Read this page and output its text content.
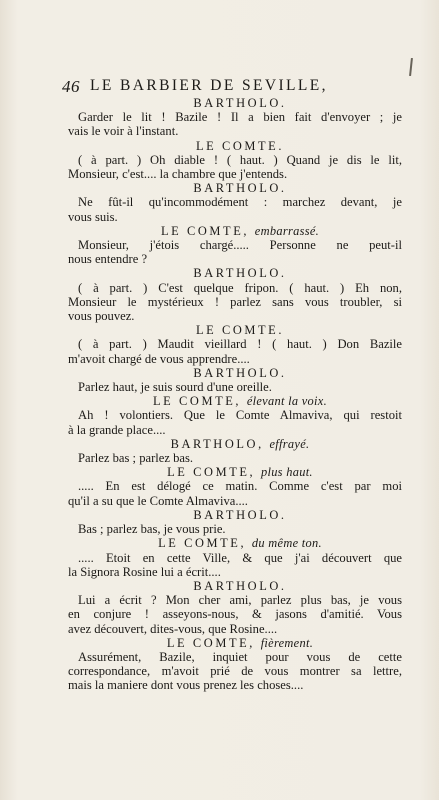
46 LE BARBIER DE SEVILLE,
BARTHOLO.
Garder le lit ! Bazile ! Il a bien fait d'envoyer ; je
vais le voir à l'instant.
LE COMTE.
( à part. ) Oh diable ! ( haut. ) Quand je dis le lit,
Monsieur, c'est.... la chambre que j'entends.
BARTHOLO.
Ne fût-il qu'incommodément : marchez devant, je
vous suis.
LE COMTE, embarrassé.
Monsieur, j'étois chargé..... Personne ne peut-il
nous entendre ?
BARTHOLO.
( à part. ) C'est quelque fripon. ( haut. ) Eh non,
Monsieur le mystérieux ! parlez sans vous troubler, si
vous pouvez.
LE COMTE.
( à part. ) Maudit vieillard ! ( haut. ) Don Bazile
m'avoit chargé de vous apprendre....
BARTHOLO.
Parlez haut, je suis sourd d'une oreille.
LE COMTE, élevant la voix.
Ah ! volontiers. Que le Comte Almaviva, qui restoit
à la grande place....
BARTHOLO, effrayé.
Parlez bas ; parlez bas.
LE COMTE, plus haut.
..... En est délogé ce matin. Comme c'est par moi
qu'il a su que le Comte Almaviva....
BARTHOLO.
Bas ; parlez bas, je vous prie.
LE COMTE, du même ton.
..... Etoit en cette Ville, & que j'ai découvert que
la Signora Rosine lui a écrit....
BARTHOLO.
Lui a écrit ? Mon cher ami, parlez plus bas, je vous
en conjure ! asseyons-nous, & jasons d'amitié. Vous
avez découvert, dites-vous, que Rosine....
LE COMTE, fièrement.
Assurément, Bazile, inquiet pour vous de cette
correspondance, m'avoit prié de vous montrer sa lettre,
mais la maniere dont vous prenez les choses....
